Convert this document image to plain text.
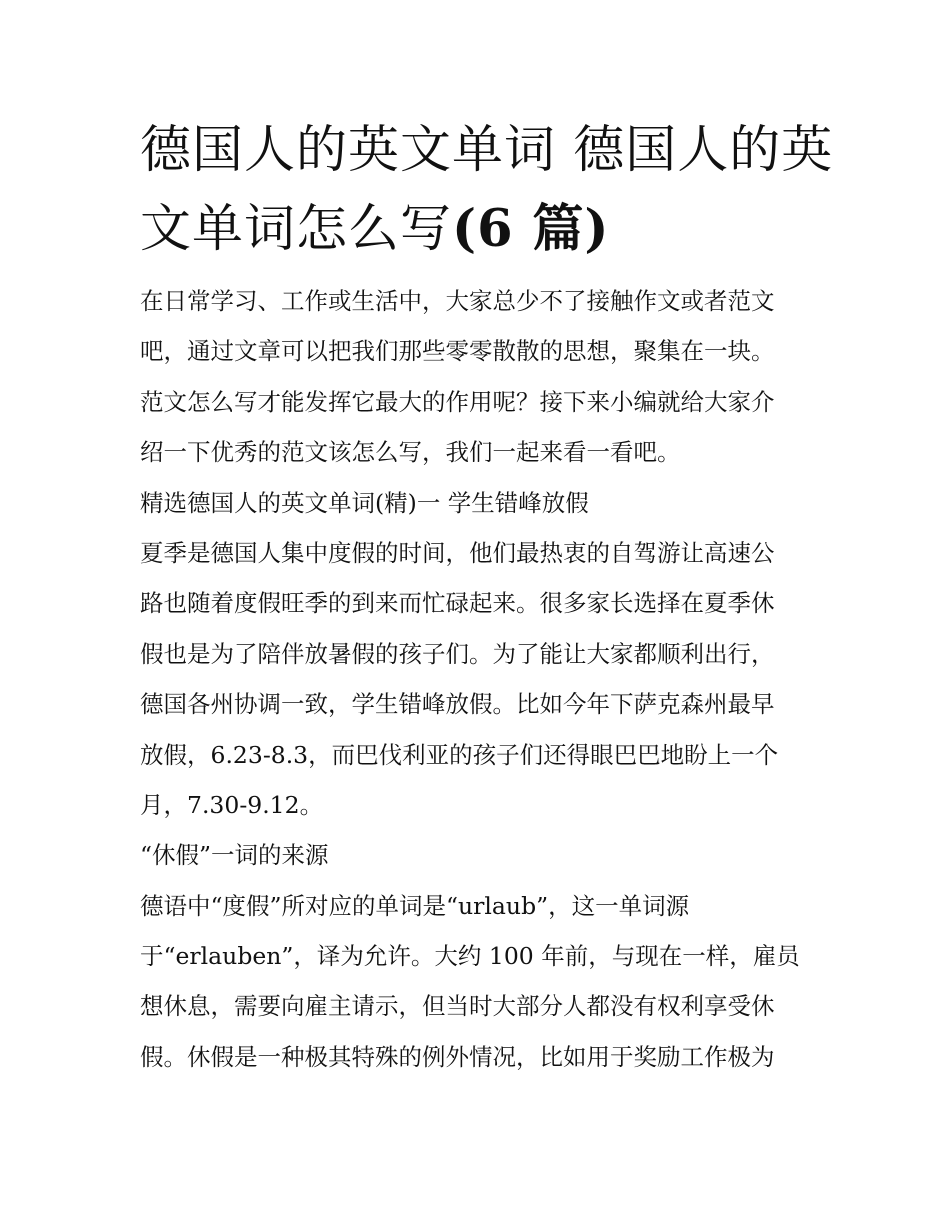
德国人的英文单词 德国人的英
文单词怎么写(6 篇)
在日常学习、工作或生活中，大家总少不了接触作文或者范文
吧，通过文章可以把我们那些零零散散的思想，聚集在一块。
范文怎么写才能发挥它最大的作用呢？接下来小编就给大家介
绍一下优秀的范文该怎么写，我们一起来看一看吧。
精选德国人的英文单词(精)一 学生错峰放假
夏季是德国人集中度假的时间，他们最热衷的自驾游让高速公
路也随着度假旺季的到来而忙碌起来。很多家长选择在夏季休
假也是为了陪伴放暑假的孩子们。为了能让大家都顺利出行，
德国各州协调一致，学生错峰放假。比如今年下萨克森州最早
放假，6.23-8.3，而巴伐利亚的孩子们还得眼巴巴地盼上一个
月，7.30-9.12。
“休假”一词的来源
德语中“度假”所对应的单词是“urlaub”，这一单词源
于“erlauben”，译为允许。大约 100 年前，与现在一样，雇员
想休息，需要向雇主请示，但当时大部分人都没有权利享受休
假。休假是一种极其特殊的例外情况，比如用于奖励工作极为
